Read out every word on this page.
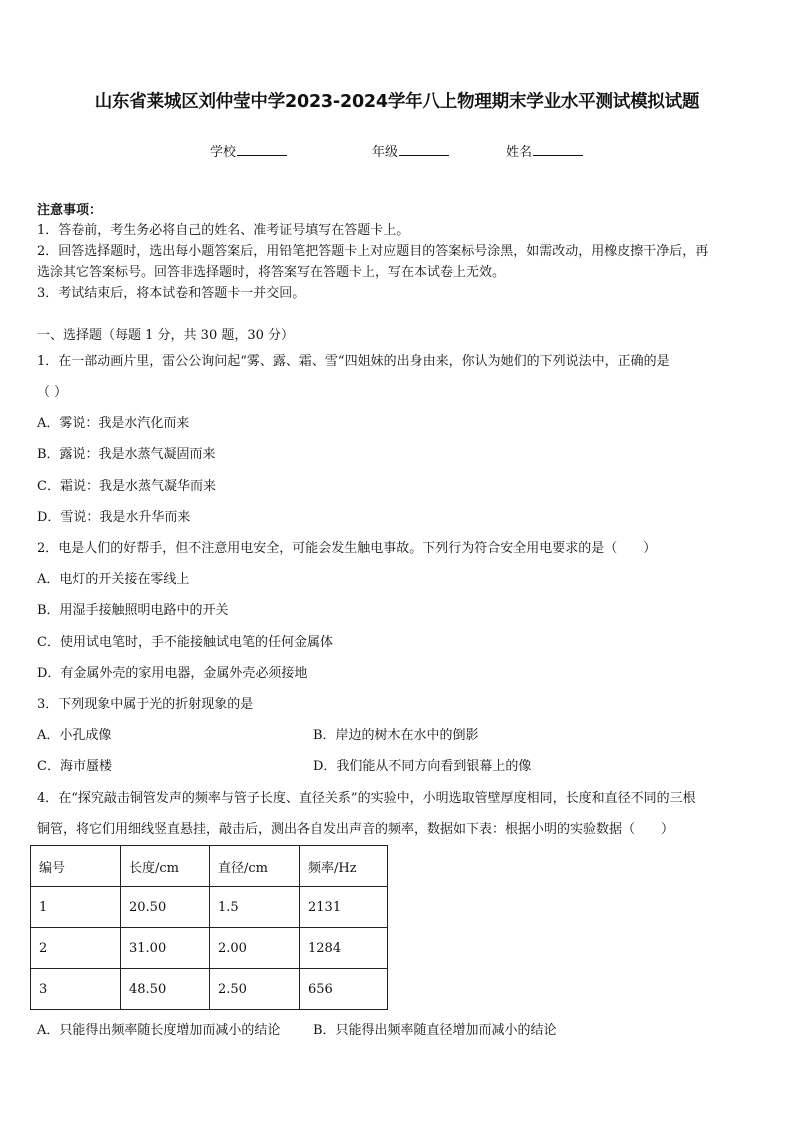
山东省莱城区刘仲莹中学2023-2024学年八上物理期末学业水平测试模拟试题
学校	年级	姓名
注意事项：
1．答卷前，考生务必将自己的姓名、准考证号填写在答题卡上。
2．回答选择题时，选出每小题答案后，用铅笔把答题卡上对应题目的答案标号涂黑，如需改动，用橡皮擦干净后，再
选涂其它答案标号。回答非选择题时，将答案写在答题卡上，写在本试卷上无效。
3．考试结束后，将本试卷和答题卡一并交回。
一、选择题（每题 1 分，共 30 题，30 分）
1．在一部动画片里，雷公公询问起“雾、露、霜、雪“四姐妹的出身由来，你认为她们的下列说法中，正确的是
（ ）
A．雾说：我是水汽化而来
B．露说：我是水蒸气凝固而来
C．霜说：我是水蒸气凝华而来
D．雪说：我是水升华而来
2．电是人们的好帮手，但不注意用电安全，可能会发生触电事故。下列行为符合安全用电要求的是（　　）
A．电灯的开关接在零线上
B．用湿手接触照明电路中的开关
C．使用试电笔时，手不能接触试电笔的任何金属体
D．有金属外壳的家用电器，金属外壳必须接地
3．下列现象中属于光的折射现象的是
A．小孔成像	B．岸边的树木在水中的倒影
C．海市蜃楼	D．我们能从不同方向看到银幕上的像
4．在“探究敲击铜管发声的频率与管子长度、直径关系”的实验中，小明选取管壁厚度相同，长度和直径不同的三根
铜管，将它们用细线竖直悬挂，敲击后，测出各自发出声音的频率，数据如下表：根据小明的实验数据（　　）
编号	长度/cm	直径/cm	频率/Hz
1	20.50	1.5	2131
2	31.00	2.00	1284
3	48.50	2.50	656
A．只能得出频率随长度增加而减小的结论	B．只能得出频率随直径增加而减小的结论
